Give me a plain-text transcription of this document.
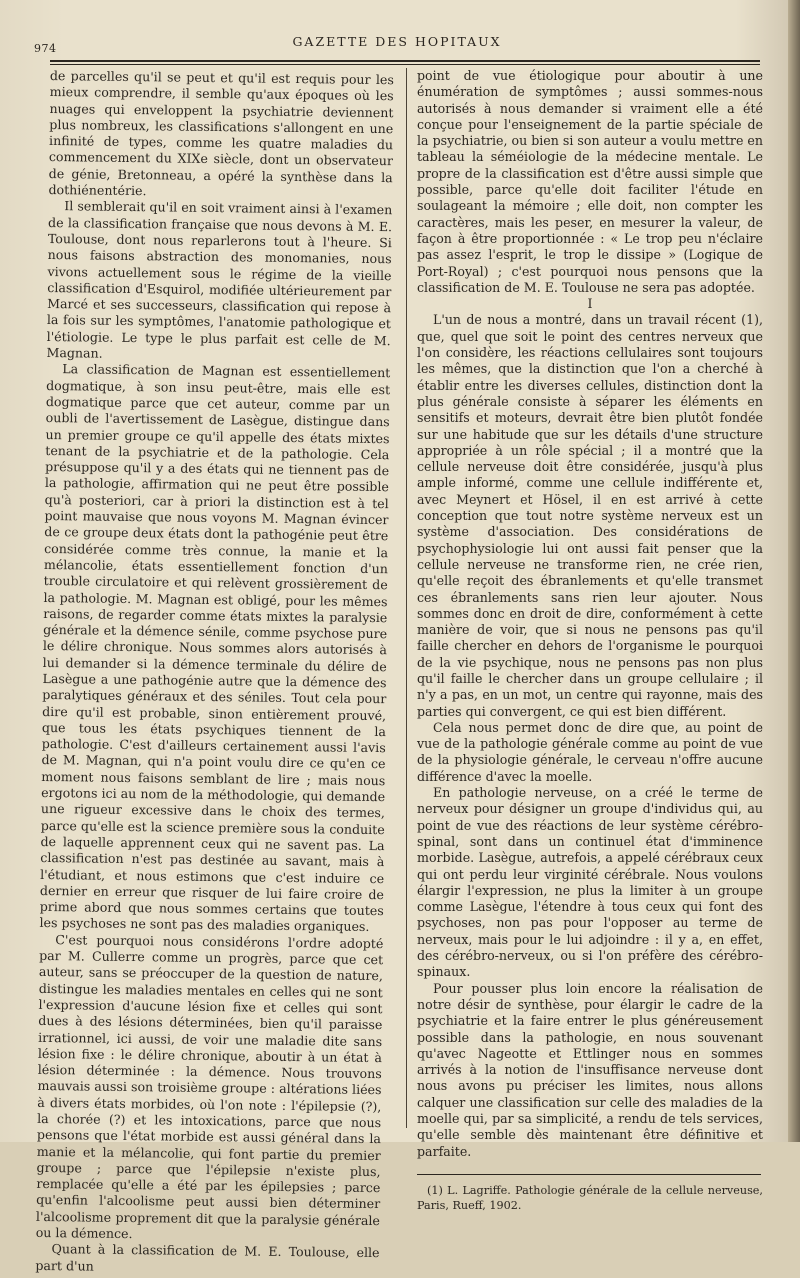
974	GAZETTE DES HOPITAUX

de parcelles qu'il se peut et qu'il est requis pour les mieux comprendre, il semble qu'aux époques où les nuages qui enveloppent la psychiatrie deviennent plus nombreux, les classifications s'allongent en une infinité de types, comme les quatre maladies du commencement du XIXe siècle, dont un observateur de génie, Bretonneau, a opéré la synthèse dans la dothiénentérie.

Il semblerait qu'il en soit vraiment ainsi à l'examen de la classification française que nous devons à M. E. Toulouse, dont nous reparlerons tout à l'heure. Si nous faisons abstraction des monomanies, nous vivons actuellement sous le régime de la vieille classification d'Esquirol, modifiée ultérieurement par Marcé et ses successeurs, classification qui repose à la fois sur les symptômes, l'anatomie pathologique et l'étiologie. Le type le plus parfait est celle de M. Magnan.

La classification de Magnan est essentiellement dogmatique, à son insu peut-être, mais elle est dogmatique parce que cet auteur, comme par un oubli de l'avertissement de Lasègue, distingue dans un premier groupe ce qu'il appelle des états mixtes tenant de la psychiatrie et de la pathologie. Cela présuppose qu'il y a des états qui ne tiennent pas de la pathologie, affirmation qui ne peut être possible qu'à posteriori, car à priori la distinction est à tel point mauvaise que nous voyons M. Magnan évincer de ce groupe deux états dont la pathogénie peut être considérée comme très connue, la manie et la mélancolie, états essentiellement fonction d'un trouble circulatoire et qui relèvent grossièrement de la pathologie. M. Magnan est obligé, pour les mêmes raisons, de regarder comme états mixtes la paralysie générale et la démence sénile, comme psychose pure le délire chronique. Nous sommes alors autorisés à lui demander si la démence terminale du délire de Lasègue a une pathogénie autre que la démence des paralytiques généraux et des séniles. Tout cela pour dire qu'il est probable, sinon entièrement prouvé, que tous les états psychiques tiennent de la pathologie. C'est d'ailleurs certainement aussi l'avis de M. Magnan, qui n'a point voulu dire ce qu'en ce moment nous faisons semblant de lire ; mais nous ergotons ici au nom de la méthodologie, qui demande une rigueur excessive dans le choix des termes, parce qu'elle est la science première sous la conduite de laquelle apprennent ceux qui ne savent pas. La classification n'est pas destinée au savant, mais à l'étudiant, et nous estimons que c'est induire ce dernier en erreur que risquer de lui faire croire de prime abord que nous sommes certains que toutes les psychoses ne sont pas des maladies organiques.

C'est pourquoi nous considérons l'ordre adopté par M. Cullerre comme un progrès, parce que cet auteur, sans se préoccuper de la question de nature, distingue les maladies mentales en celles qui ne sont l'expression d'aucune lésion fixe et celles qui sont dues à des lésions déterminées, bien qu'il paraisse irrationnel, ici aussi, de voir une maladie dite sans lésion fixe : le délire chronique, aboutir à un état à lésion déterminée : la démence. Nous trouvons mauvais aussi son troisième groupe : altérations liées à divers états morbides, où l'on note : l'épilepsie (?), la chorée (?) et les intoxications, parce que nous pensons que l'état morbide est aussi général dans la manie et la mélancolie, qui font partie du premier groupe ; parce que l'épilepsie n'existe plus, remplacée qu'elle a été par les épilepsies ; parce qu'enfin l'alcoolisme peut aussi bien déterminer l'alcoolisme proprement dit que la paralysie générale ou la démence.

Quant à la classification de M. E. Toulouse, elle part d'un

point de vue étiologique pour aboutir à une énumération de symptômes ; aussi sommes-nous autorisés à nous demander si vraiment elle a été conçue pour l'enseignement de la partie spéciale de la psychiatrie, ou bien si son auteur a voulu mettre en tableau la séméiologie de la médecine mentale. Le propre de la classification est d'être aussi simple que possible, parce qu'elle doit faciliter l'étude en soulageant la mémoire ; elle doit, non compter les caractères, mais les peser, en mesurer la valeur, de façon à être proportionnée : « Le trop peu n'éclaire pas assez l'esprit, le trop le dissipe » (Logique de Port-Royal) ; c'est pourquoi nous pensons que la classification de M. E. Toulouse ne sera pas adoptée.

I

L'un de nous a montré, dans un travail récent (1), que, quel que soit le point des centres nerveux que l'on considère, les réactions cellulaires sont toujours les mêmes, que la distinction que l'on a cherché à établir entre les diverses cellules, distinction dont la plus générale consiste à séparer les éléments en sensitifs et moteurs, devrait être bien plutôt fondée sur une habitude que sur les détails d'une structure appropriée à un rôle spécial ; il a montré que la cellule nerveuse doit être considérée, jusqu'à plus ample informé, comme une cellule indifférente et, avec Meynert et Hösel, il en est arrivé à cette conception que tout notre système nerveux est un système d'association. Des considérations de psychophysiologie lui ont aussi fait penser que la cellule nerveuse ne transforme rien, ne crée rien, qu'elle reçoit des ébranlements et qu'elle transmet ces ébranlements sans rien leur ajouter. Nous sommes donc en droit de dire, conformément à cette manière de voir, que si nous ne pensons pas qu'il faille chercher en dehors de l'organisme le pourquoi de la vie psychique, nous ne pensons pas non plus qu'il faille le chercher dans un groupe cellulaire ; il n'y a pas, en un mot, un centre qui rayonne, mais des parties qui convergent, ce qui est bien différent.

Cela nous permet donc de dire que, au point de vue de la pathologie générale comme au point de vue de la physiologie générale, le cerveau n'offre aucune différence d'avec la moelle.

En pathologie nerveuse, on a créé le terme de nerveux pour désigner un groupe d'individus qui, au point de vue des réactions de leur système cérébro-spinal, sont dans un continuel état d'imminence morbide. Lasègue, autrefois, a appelé cérébraux ceux qui ont perdu leur virginité cérébrale. Nous voulons élargir l'expression, ne plus la limiter à un groupe comme Lasègue, l'étendre à tous ceux qui font des psychoses, non pas pour l'opposer au terme de nerveux, mais pour le lui adjoindre : il y a, en effet, des cérébro-nerveux, ou si l'on préfère des cérébro-spinaux.

Pour pousser plus loin encore la réalisation de notre désir de synthèse, pour élargir le cadre de la psychiatrie et la faire entrer le plus généreusement possible dans la pathologie, en nous souvenant qu'avec Nageotte et Ettlinger nous en sommes arrivés à la notion de l'insuffisance nerveuse dont nous avons pu préciser les limites, nous allons calquer une classification sur celle des maladies de la moelle qui, par sa simplicité, a rendu de tels services, qu'elle semble dès maintenant être définitive et parfaite.

(1) L. Lagriffe. Pathologie générale de la cellule nerveuse, Paris, Rueff, 1902.
